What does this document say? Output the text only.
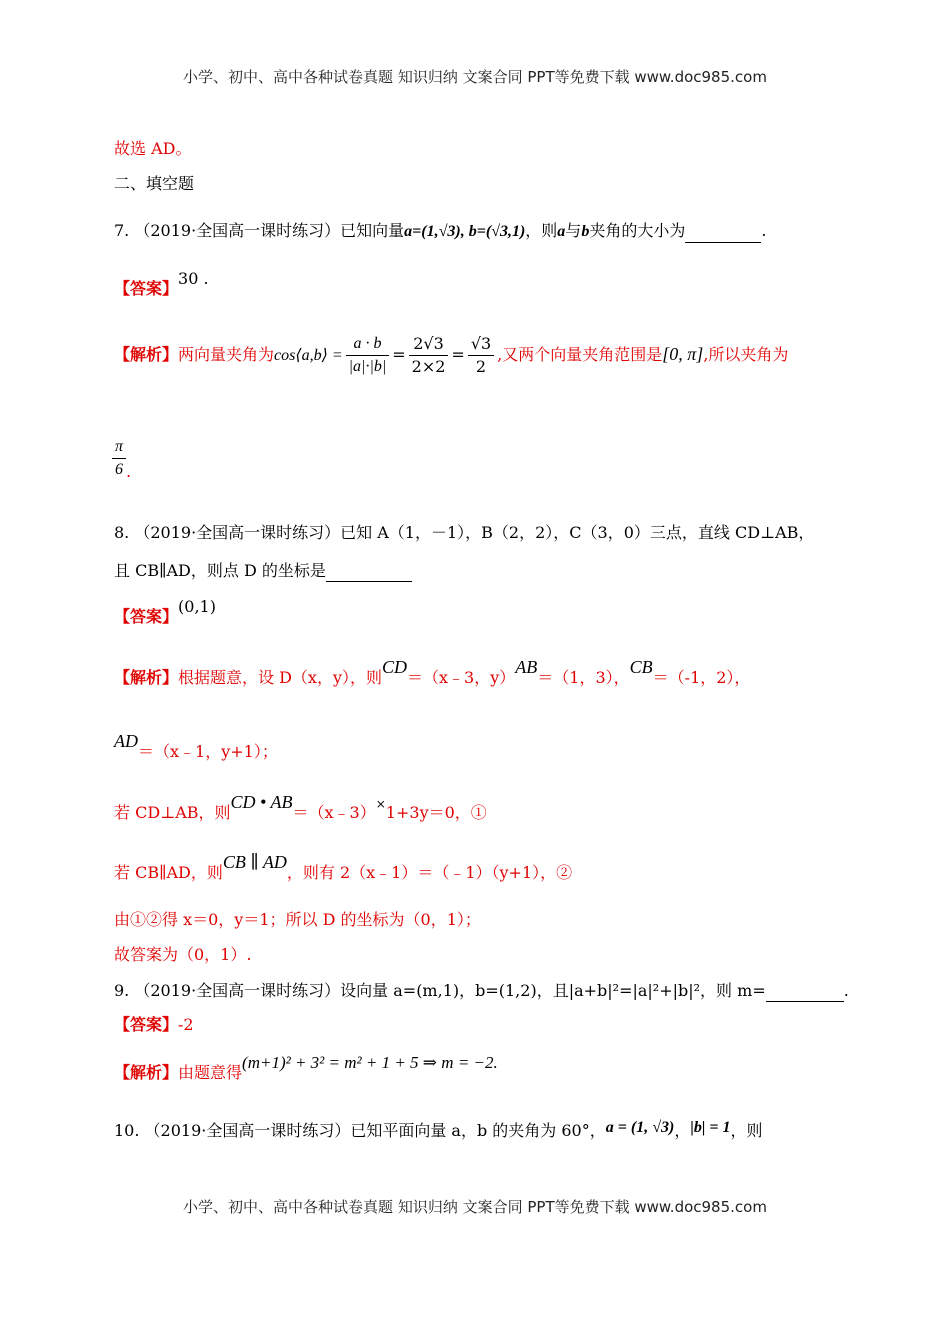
小学、初中、高中各种试卷真题 知识归纳 文案合同 PPT等免费下载 www.doc985.com
故选 AD。
二、填空题
7. （2019·全国高一课时练习）已知向量a=(1,√3), b=(√3,1)，则a与b夹角的大小为	.
【答案】30 .
【解析】两向量夹角为cos⟨a,b⟩ = $\frac{a \cdot b}{|a|\cdot|b|} = \frac{2√3}{2\times 2} = \frac{√3}{2}$ ,又两个向量夹角范围是[0, π],所以夹角为
$\frac{\pi}{6}$ .
8. （2019·全国高一课时练习）已知 A（1，－1），B（2，2），C（3，0）三点，直线 CD⊥AB，
且 CB∥AD，则点 D 的坐标是
【答案】(0,1)
【解析】根据题意，设 D（x，y），则CD＝（x﹣3，y）AB＝（1，3），CB＝（-1，2），
AD＝（x﹣1，y+1）；
若 CD⊥AB，则CD • AB＝（x﹣3）×1+3y＝0，①
若 CB∥AD，则CB ∥ AD，则有 2（x﹣1）＝（﹣1）（y+1），②
由①②得 x＝0，y＝1；所以 D 的坐标为（0，1）；
故答案为（0，1）.
9. （2019·全国高一课时练习）设向量 a=(m,1)，b=(1,2)，且|a+b|²=|a|²+|b|²，则 m=	.
【答案】-2
【解析】由题意得(m+1)² + 3² = m² + 1 + 5 ⇒ m = −2.
10. （2019·全国高一课时练习）已知平面向量 a，b 的夹角为 60°，a = (1, √3)，|b| = 1，则
小学、初中、高中各种试卷真题 知识归纳 文案合同 PPT等免费下载 www.doc985.com
